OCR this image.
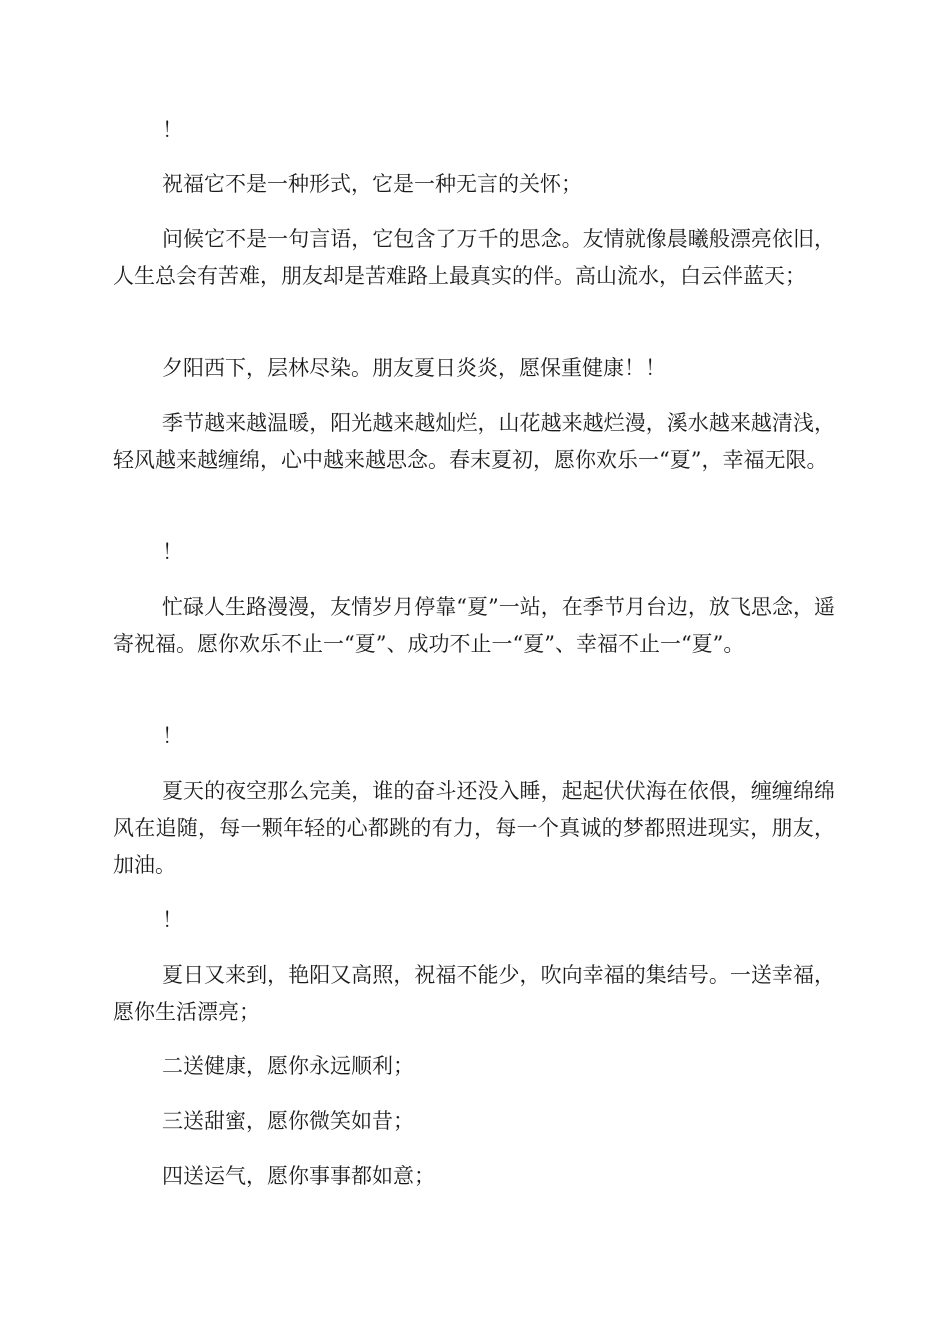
！

祝福它不是一种形式，它是一种无言的关怀；

问候它不是一句言语，它包含了万千的思念。友情就像晨曦般漂亮依旧，人生总会有苦难，朋友却是苦难路上最真实的伴。高山流水，白云伴蓝天；

夕阳西下，层林尽染。朋友夏日炎炎，愿保重健康！！

季节越来越温暖，阳光越来越灿烂，山花越来越烂漫，溪水越来越清浅，轻风越来越缠绵，心中越来越思念。春末夏初，愿你欢乐一“夏”，幸福无限。

！

忙碌人生路漫漫，友情岁月停靠“夏”一站，在季节月台边，放飞思念，遥寄祝福。愿你欢乐不止一“夏”、成功不止一“夏”、幸福不止一“夏”。

！

夏天的夜空那么完美，谁的奋斗还没入睡，起起伏伏海在依偎，缠缠绵绵风在追随，每一颗年轻的心都跳的有力，每一个真诚的梦都照进现实，朋友，加油。

！

夏日又来到，艳阳又高照，祝福不能少，吹向幸福的集结号。一送幸福，愿你生活漂亮；

二送健康，愿你永远顺利；

三送甜蜜，愿你微笑如昔；

四送运气，愿你事事都如意；
